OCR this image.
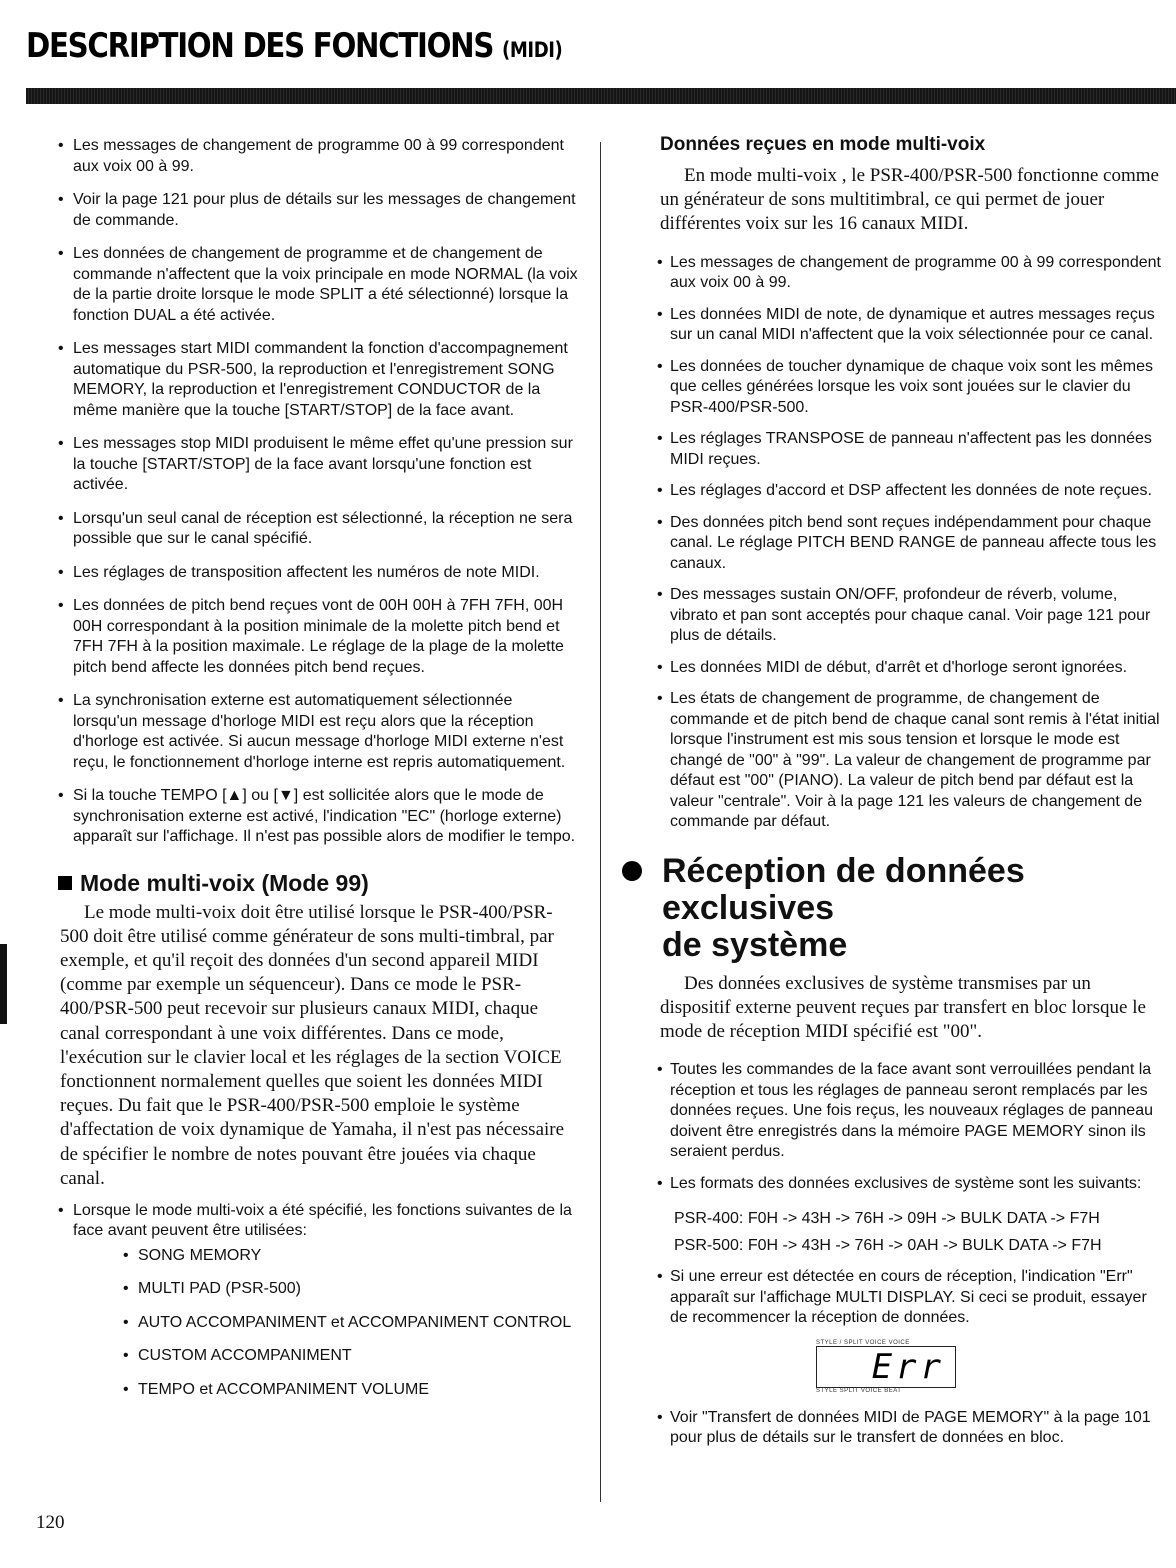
DESCRIPTION DES FONCTIONS (MIDI)
• Les messages de changement de programme 00 à 99 correspondent aux voix 00 à 99.
• Voir la page 121 pour plus de détails sur les messages de changement de commande.
• Les données de changement de programme et de changement de commande n'affectent que la voix principale en mode NORMAL (la voix de la partie droite lorsque le mode SPLIT a été sélectionné) lorsque la fonction DUAL a été activée.
• Les messages start MIDI commandent la fonction d'accompagnement automatique du PSR-500, la reproduction et l'enregistrement SONG MEMORY, la reproduction et l'enregistrement CONDUCTOR de la même manière que la touche [START/STOP] de la face avant.
• Les messages stop MIDI produisent le même effet qu'une pression sur la touche [START/STOP] de la face avant lorsqu'une fonction est activée.
• Lorsqu'un seul canal de réception est sélectionné, la réception ne sera possible que sur le canal spécifié.
• Les réglages de transposition affectent les numéros de note MIDI.
• Les données de pitch bend reçues vont de 00H 00H à 7FH 7FH, 00H 00H correspondant à la position minimale de la molette pitch bend et 7FH 7FH à la position maximale. Le réglage de la plage de la molette pitch bend affecte les données pitch bend reçues.
• La synchronisation externe est automatiquement sélectionnée lorsqu'un message d'horloge MIDI est reçu alors que la réception d'horloge est activée. Si aucun message d'horloge MIDI externe n'est reçu, le fonctionnement d'horloge interne est repris automatiquement.
• Si la touche TEMPO [▲] ou [▼] est sollicitée alors que le mode de synchronisation externe est activé, l'indication "EC" (horloge externe) apparaît sur l'affichage. Il n'est pas possible alors de modifier le tempo.
Mode multi-voix (Mode 99)

Le mode multi-voix doit être utilisé lorsque le PSR-400/PSR-500 doit être utilisé comme générateur de sons multi-timbral, par exemple, et qu'il reçoit des données d'un second appareil MIDI (comme par exemple un séquenceur). Dans ce mode le PSR-400/PSR-500 peut recevoir sur plusieurs canaux MIDI, chaque canal correspondant à une voix différentes. Dans ce mode, l'exécution sur le clavier local et les réglages de la section VOICE fonctionnent normalement quelles que soient les données MIDI reçues. Du fait que le PSR-400/PSR-500 emploie le système d'affectation de voix dynamique de Yamaha, il n'est pas nécessaire de spécifier le nombre de notes pouvant être jouées via chaque canal.

• Lorsque le mode multi-voix a été spécifié, les fonctions suivantes de la face avant peuvent être utilisées:
• SONG MEMORY
• MULTI PAD (PSR-500)
• AUTO ACCOMPANIMENT et ACCOMPANIMENT CONTROL
• CUSTOM ACCOMPANIMENT
• TEMPO et ACCOMPANIMENT VOLUME
Données reçues en mode multi-voix

En mode multi-voix , le PSR-400/PSR-500 fonctionne comme un générateur de sons multitimbral, ce qui permet de jouer différentes voix sur les 16 canaux MIDI.

• Les messages de changement de programme 00 à 99 correspondent aux voix 00 à 99.
• Les données MIDI de note, de dynamique et autres messages reçus sur un canal MIDI n'affectent que la voix sélectionnée pour ce canal.
• Les données de toucher dynamique de chaque voix sont les mêmes que celles générées lorsque les voix sont jouées sur le clavier du PSR-400/PSR-500.
• Les réglages TRANSPOSE de panneau n'affectent pas les données MIDI reçues.
• Les réglages d'accord et DSP affectent les données de note reçues.
• Des données pitch bend sont reçues indépendamment pour chaque canal. Le réglage PITCH BEND RANGE de panneau affecte tous les canaux.
• Des messages sustain ON/OFF, profondeur de réverb, volume, vibrato et pan sont acceptés pour chaque canal. Voir page 121 pour plus de détails.
• Les données MIDI de début, d'arrêt et d'horloge seront ignorées.
• Les états de changement de programme, de changement de commande et de pitch bend de chaque canal sont remis à l'état initial lorsque l'instrument est mis sous tension et lorsque le mode est changé de "00" à "99". La valeur de changement de programme par défaut est "00" (PIANO). La valeur de pitch bend par défaut est la valeur "centrale". Voir à la page 121 les valeurs de changement de commande par défaut.
Réception de données exclusives
de système

Des données exclusives de système transmises par un dispositif externe peuvent reçues par transfert en bloc lorsque le mode de réception MIDI spécifié est "00".

• Toutes les commandes de la face avant sont verrouillées pendant la réception et tous les réglages de panneau seront remplacés par les données reçues. Une fois reçus, les nouveaux réglages de panneau doivent être enregistrés dans la mémoire PAGE MEMORY sinon ils seraient perdus.
• Les formats des données exclusives de système sont les suivants:
PSR-400: F0H -> 43H -> 76H -> 09H -> BULK DATA -> F7H
PSR-500: F0H -> 43H -> 76H -> 0AH -> BULK DATA -> F7H
• Si une erreur est détectée en cours de réception, l'indication "Err" apparaît sur l'affichage MULTI DISPLAY. Si ceci se produit, essayer de recommencer la réception de données.
STYLE / SPLIT VOICE VOICE
Err
STYLE SPLIT VOICE BEAT
• Voir "Transfert de données MIDI de PAGE MEMORY" à la page 101 pour plus de détails sur le transfert de données en bloc.
120
